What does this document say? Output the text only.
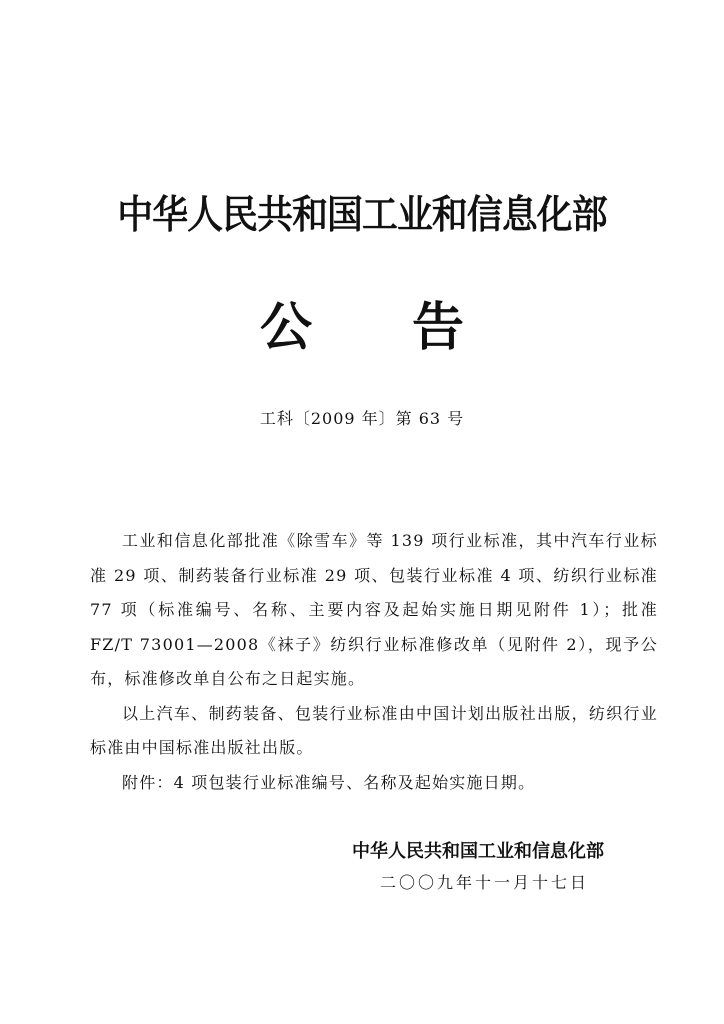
中华人民共和国工业和信息化部
公 告
工科〔2009 年〕第 63 号

工业和信息化部批准《除雪车》等 139 项行业标准，其中汽车行业标准 29 项、制药装备行业标准 29 项、包装行业标准 4 项、纺织行业标准 77 项（标准编号、名称、主要内容及起始实施日期见附件 1）；批准 FZ/T 73001—2008《袜子》纺织行业标准修改单（见附件 2），现予公布，标准修改单自公布之日起实施。

以上汽车、制药装备、包装行业标准由中国计划出版社出版，纺织行业标准由中国标准出版社出版。

附件：4 项包装行业标准编号、名称及起始实施日期。

中华人民共和国工业和信息化部
二〇〇九年十一月十七日
